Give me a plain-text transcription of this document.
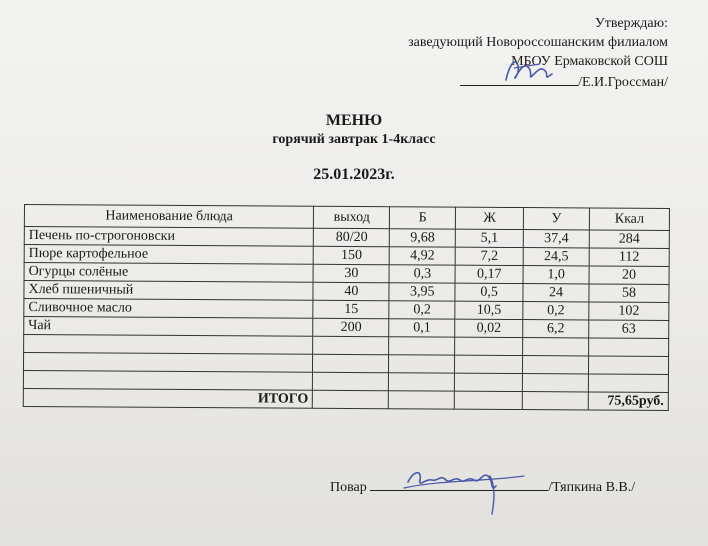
Утверждаю:
заведующий Новороссошанским филиалом
МБОУ Ермаковской СОШ
/Е.И.Гроссман/
МЕНЮ
горячий завтрак 1-4класс
25.01.2023г.
Наименование блюда	выход	Б	Ж	У	Ккал
Печень по-строгоновски	80/20	9,68	5,1	37,4	284
Пюре картофельное	150	4,92	7,2	24,5	112
Огурцы солёные	30	0,3	0,17	1,0	20
Хлеб пшеничный	40	3,95	0,5	24	58
Сливочное масло	15	0,2	10,5	0,2	102
Чай	200	0,1	0,02	6,2	63

ИТОГО					75,65руб.
Повар	/Тяпкина В.В./
